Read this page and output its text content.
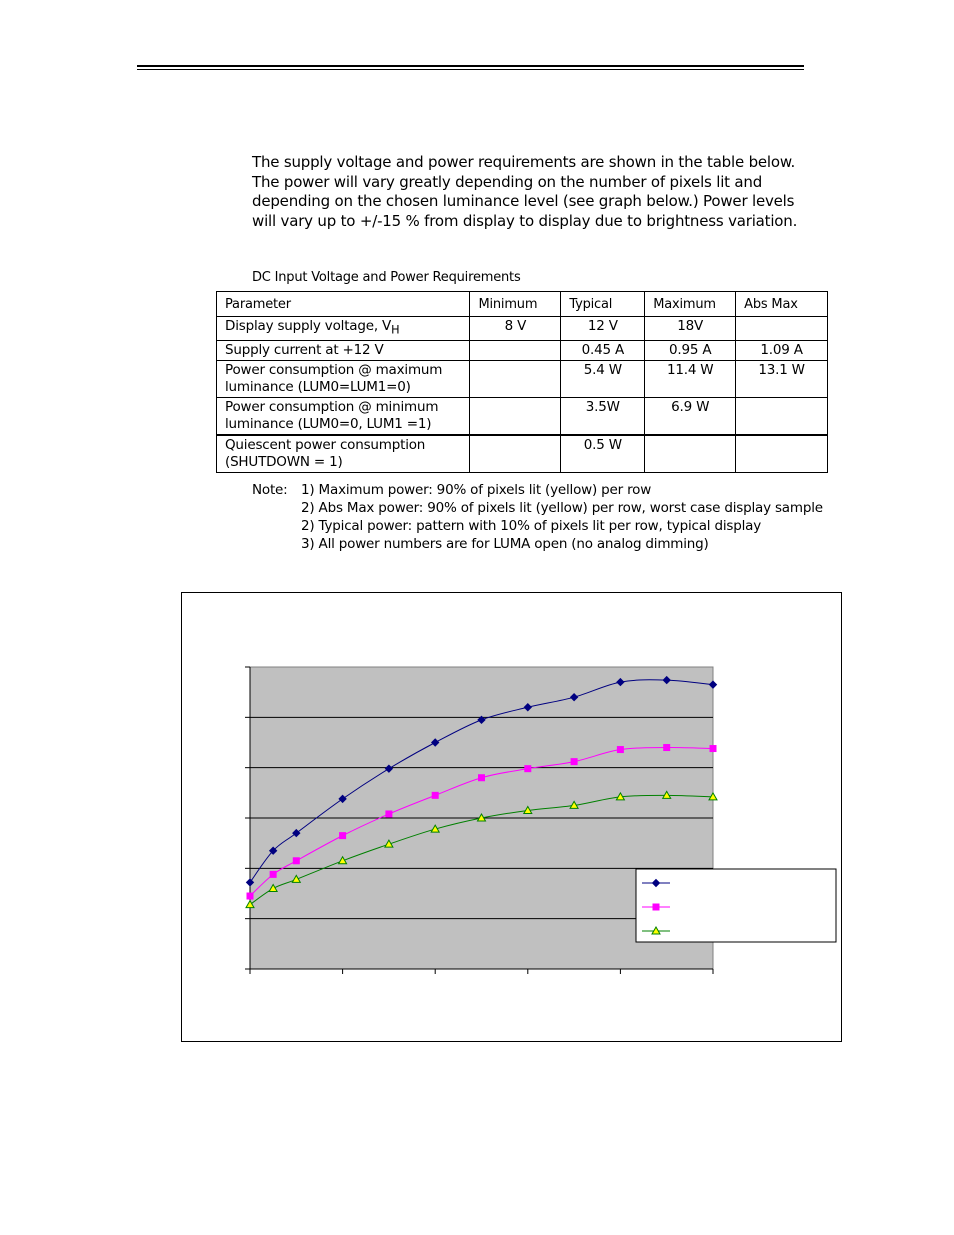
The supply voltage and power requirements are shown in the table below. The power will vary greatly depending on the number of pixels lit and depending on the chosen luminance level (see graph below.) Power levels will vary up to +/-15 % from display to display due to brightness variation.
DC Input Voltage and Power Requirements
Parameter	Minimum	Typical	Maximum	Abs Max
Display supply voltage, $V_H$	8 V	12 V	18V	
Supply current at +12 V		0.45 A	0.95 A	1.09 A
Power consumption @ maximum luminance (LUM0=LUM1=0)		5.4 W	11.4 W	13.1 W
Power consumption @ minimum luminance (LUM0=0, LUM1 =1)		3.5W	6.9 W	
Quiescent power consumption (SHUTDOWN = 1)		0.5 W		
Note: 1) Maximum power: 90% of pixels lit (yellow) per row
2) Abs Max power: 90% of pixels lit (yellow) per row, worst case display sample
2) Typical power: pattern with 10% of pixels lit per row, typical display
3) All power numbers are for LUMA open (no analog dimming)
